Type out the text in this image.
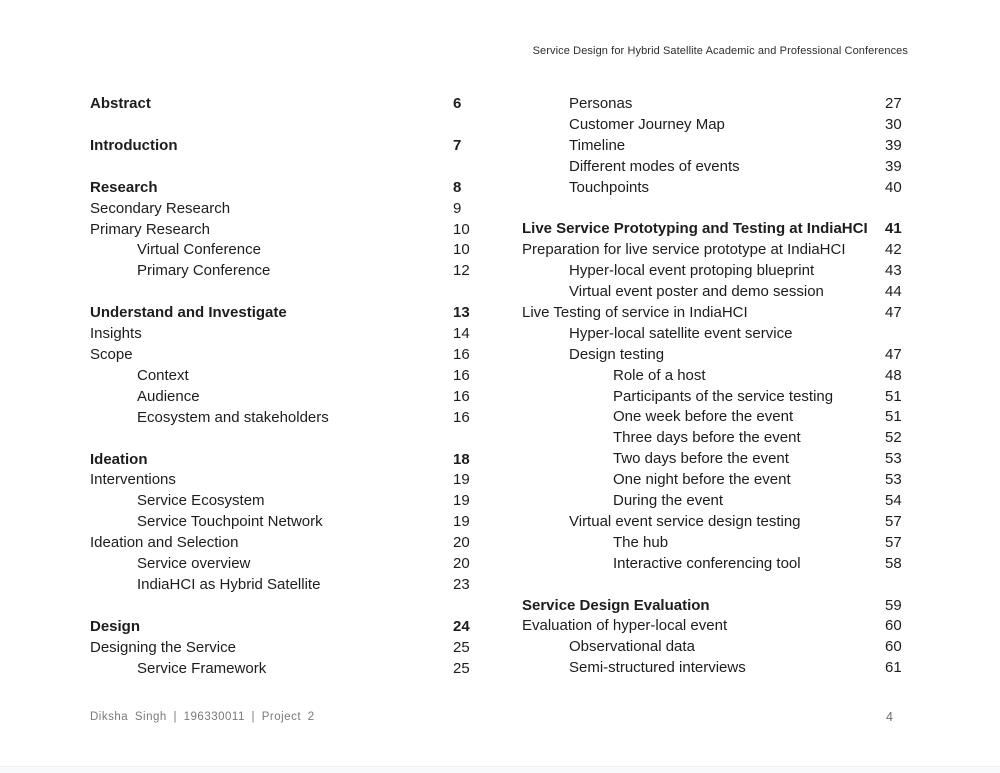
Service Design for Hybrid Satellite Academic and Professional Conferences
Abstract	6
Introduction	7
Research	8
Secondary Research	9
Primary Research	10
Virtual Conference	10
Primary Conference	12
Understand and Investigate	13
Insights	14
Scope	16
Context	16
Audience	16
Ecosystem and stakeholders	16
Ideation	18
Interventions	19
Service Ecosystem	19
Service Touchpoint Network	19
Ideation and Selection	20
Service overview	20
IndiaHCI as Hybrid Satellite	23
Design	24
Designing the Service	25
Service Framework	25
Personas	27
Customer Journey Map	30
Timeline	39
Different modes of events	39
Touchpoints	40
Live Service Prototyping and Testing at IndiaHCI 41
Preparation for live service prototype at IndiaHCI	42
Hyper-local event protoping blueprint	43
Virtual event poster and demo session	44
Live Testing of service in IndiaHCI	47
Hyper-local satellite event service
Design testing	47
Role of a host	48
Participants of the service testing	51
One week before the event	51
Three days before the event	52
Two days before the event	53
One night before the event	53
During the event	54
Virtual event service design testing	57
The hub	57
Interactive conferencing tool	58
Service Design Evaluation	59
Evaluation of hyper-local event	60
Observational data	60
Semi-structured interviews	61
Diksha Singh | 196330011 | Project 2	4
